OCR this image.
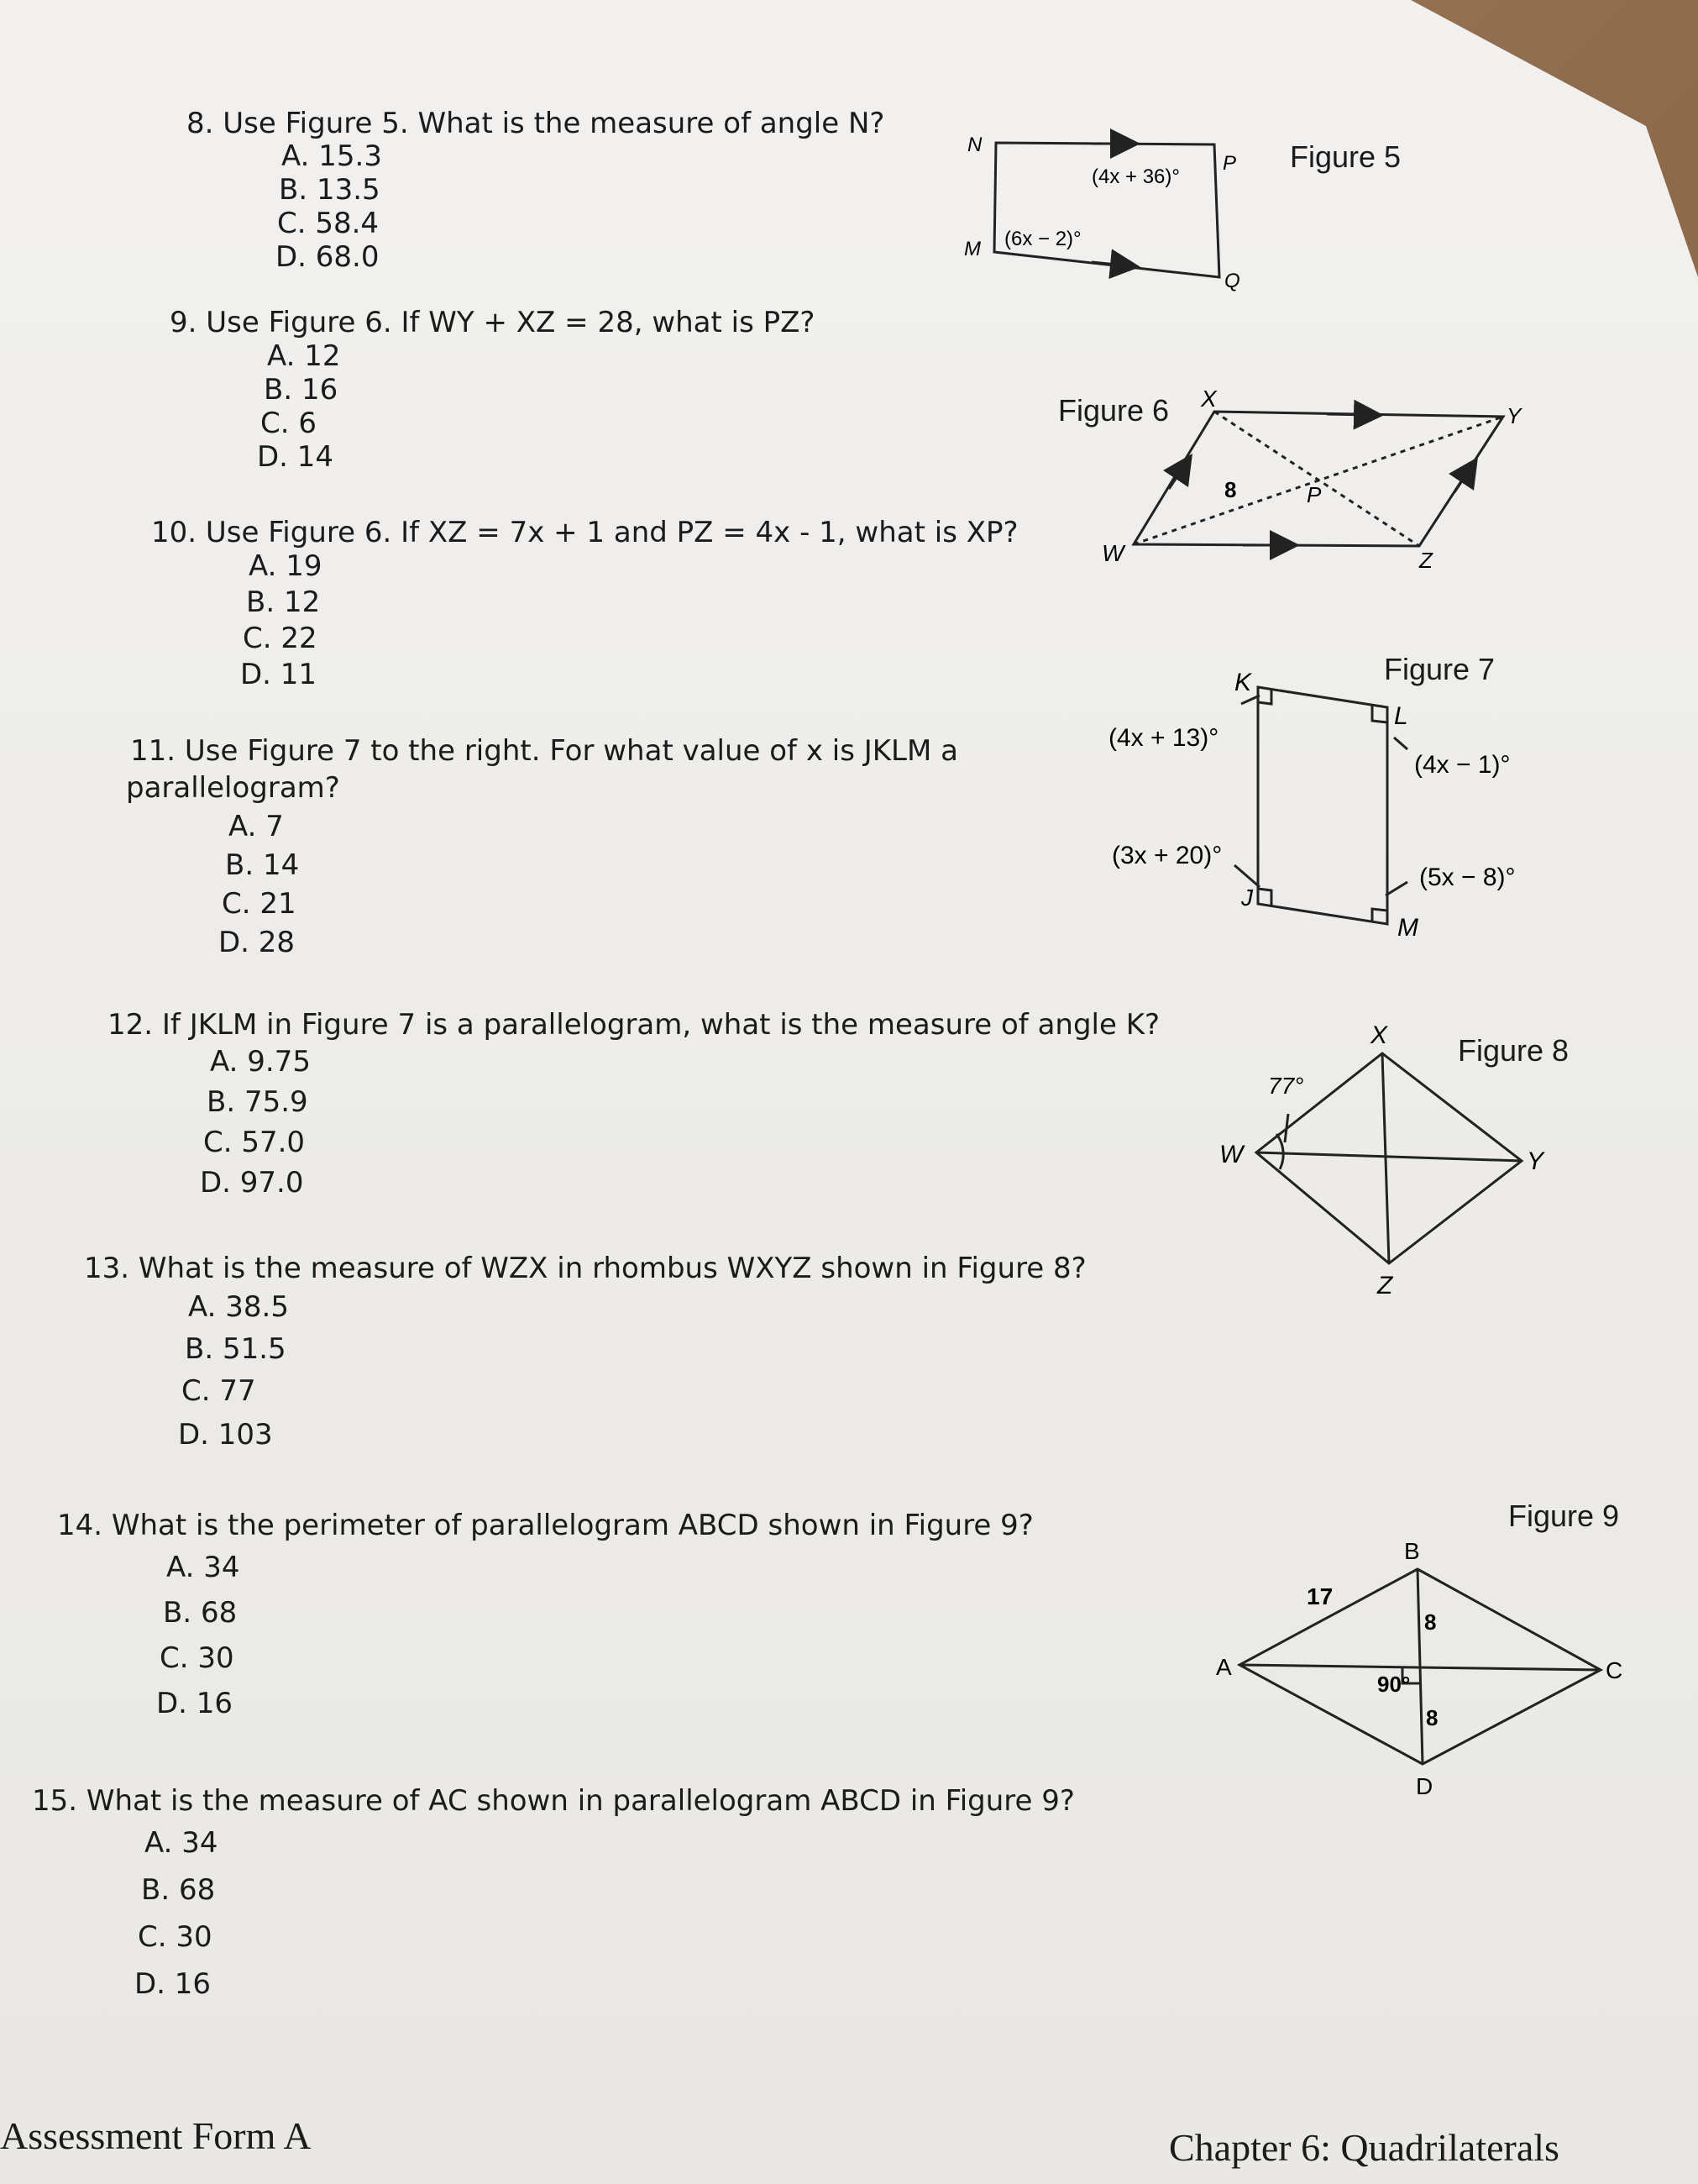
8. Use Figure 5. What is the measure of angle N?
A. 15.3
B. 13.5
C. 58.4
D. 68.0
9. Use Figure 6. If WY + XZ = 28, what is PZ?
A. 12
B. 16
C. 6
D. 14
10. Use Figure 6. If XZ = 7x + 1 and PZ = 4x - 1, what is XP?
A. 19
B. 12
C. 22
D. 11
11. Use Figure 7 to the right. For what value of x is JKLM a
parallelogram?
A. 7
B. 14
C. 21
D. 28
12. If JKLM in Figure 7 is a parallelogram, what is the measure of angle K?
A. 9.75
B. 75.9
C. 57.0
D. 97.0
13. What is the measure of WZX in rhombus WXYZ shown in Figure 8?
A. 38.5
B. 51.5
C. 77
D. 103
14. What is the perimeter of parallelogram ABCD shown in Figure 9?
A. 34
B. 68
C. 30
D. 16
15. What is the measure of AC shown in parallelogram ABCD in Figure 9?
A. 34
B. 68
C. 30
D. 16
Figure 5
Figure 6
Figure 7
Figure 8
Figure 9
N
P
M
Q
(4x + 36)°
(6x − 2)°
X
Y
W	Z
P
8
K
L
J
M
(4x + 13)°
(4x − 1)°
(3x + 20)°
(5x − 8)°
X
Y
W
Z
77°
A
B
C
D
17
8
8
90°
Assessment Form A	Chapter 6: Quadrilaterals
